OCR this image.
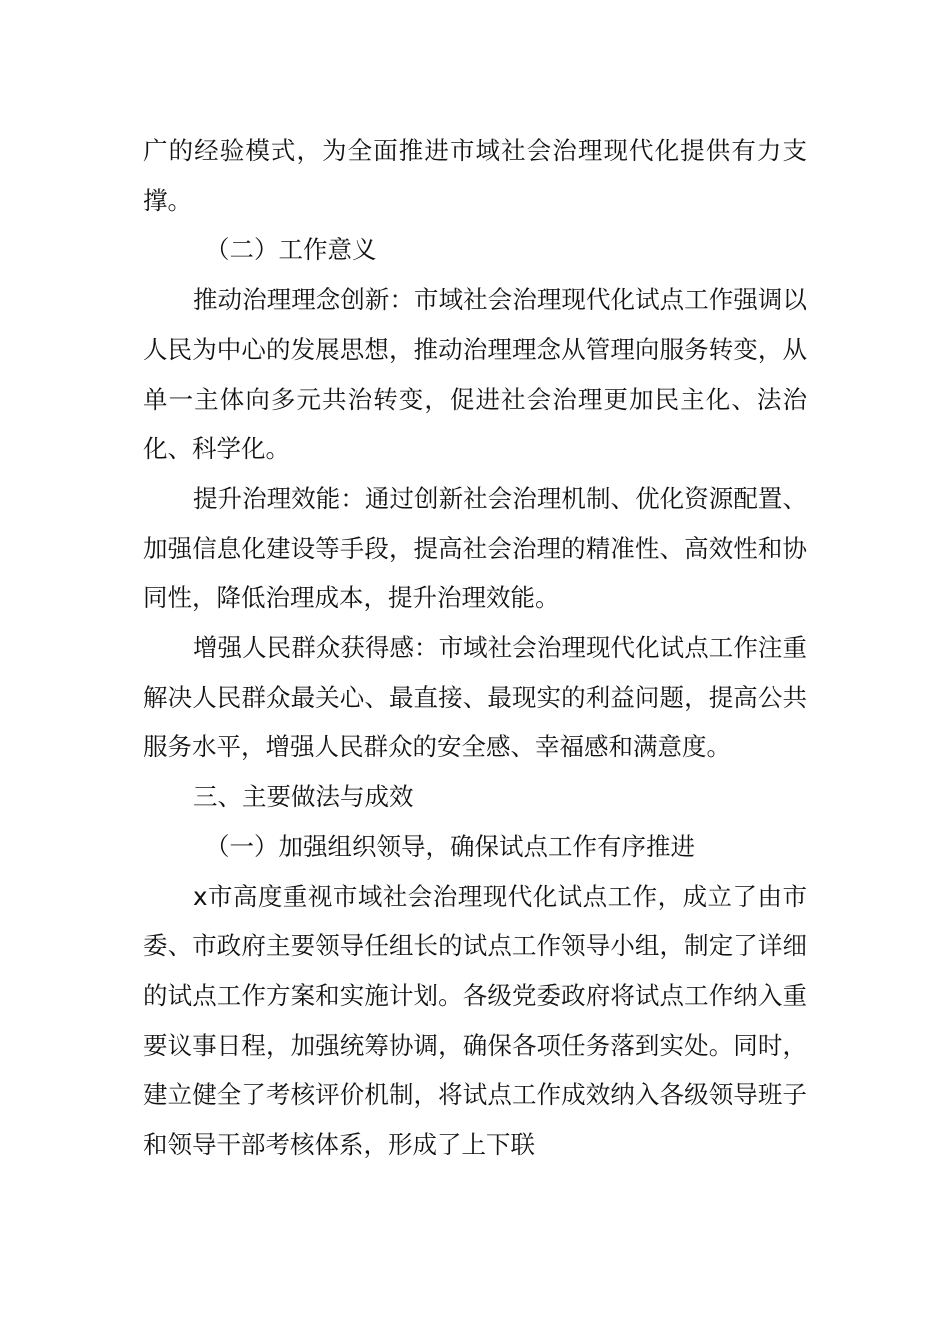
广的经验模式，为全面推进市域社会治理现代化提供有力支撑。

（二）工作意义

推动治理理念创新：市域社会治理现代化试点工作强调以人民为中心的发展思想，推动治理理念从管理向服务转变，从单一主体向多元共治转变，促进社会治理更加民主化、法治化、科学化。

提升治理效能：通过创新社会治理机制、优化资源配置、加强信息化建设等手段，提高社会治理的精准性、高效性和协同性，降低治理成本，提升治理效能。

增强人民群众获得感：市域社会治理现代化试点工作注重解决人民群众最关心、最直接、最现实的利益问题，提高公共服务水平，增强人民群众的安全感、幸福感和满意度。

三、主要做法与成效

（一）加强组织领导，确保试点工作有序推进

x市高度重视市域社会治理现代化试点工作，成立了由市委、市政府主要领导任组长的试点工作领导小组，制定了详细的试点工作方案和实施计划。各级党委政府将试点工作纳入重要议事日程，加强统筹协调，确保各项任务落到实处。同时，建立健全了考核评价机制，将试点工作成效纳入各级领导班子和领导干部考核体系，形成了上下联
